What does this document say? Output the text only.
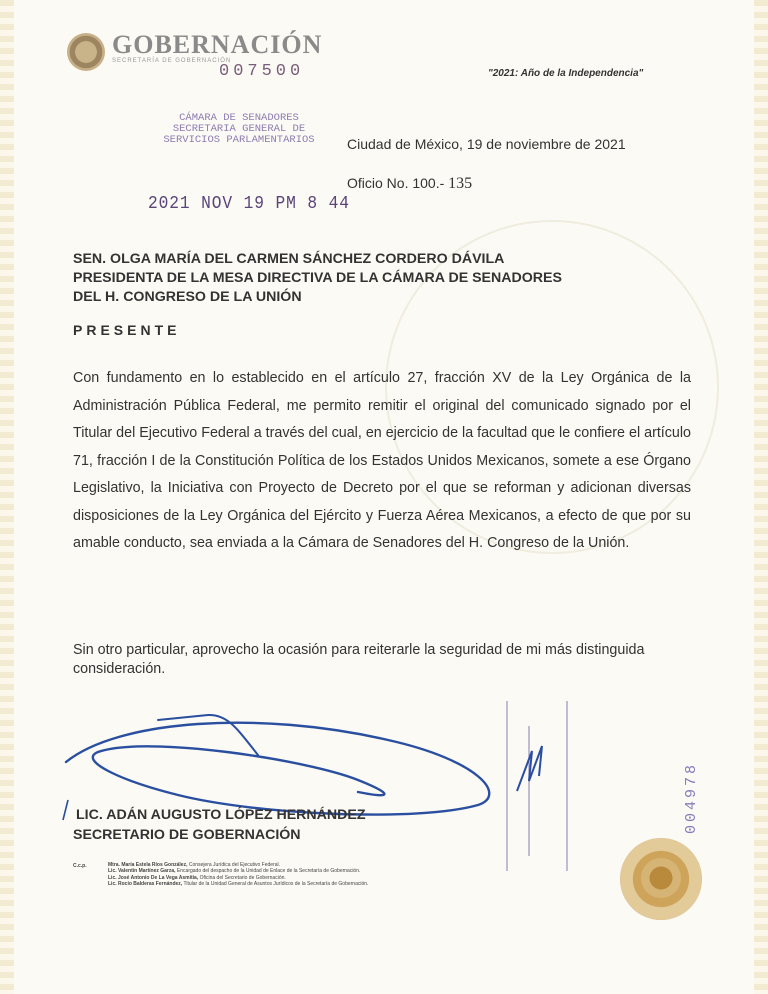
GOBERNACIÓN
SECRETARÍA DE GOBERNACIÓN
007500	"2021: Año de la Independencia"
CÁMARA DE SENADORES
SECRETARIA GENERAL DE
SERVICIOS PARLAMENTARIOS
2021 NOV 19 PM 8 44
Ciudad de México, 19 de noviembre de 2021
Oficio No. 100.- 135
SEN. OLGA MARÍA DEL CARMEN SÁNCHEZ CORDERO DÁVILA
PRESIDENTA DE LA MESA DIRECTIVA DE LA CÁMARA DE SENADORES
DEL H. CONGRESO DE LA UNIÓN
PRESENTE
Con fundamento en lo establecido en el artículo 27, fracción XV de la Ley Orgánica de la Administración Pública Federal, me permito remitir el original del comunicado signado por el Titular del Ejecutivo Federal a través del cual, en ejercicio de la facultad que le confiere el artículo 71, fracción I de la Constitución Política de los Estados Unidos Mexicanos, somete a ese Órgano Legislativo, la Iniciativa con Proyecto de Decreto por el que se reforman y adicionan diversas disposiciones de la Ley Orgánica del Ejército y Fuerza Aérea Mexicanos, a efecto de que por su amable conducto, sea enviada a la Cámara de Senadores del H. Congreso de la Unión.
Sin otro particular, aprovecho la ocasión para reiterarle la seguridad de mi más distinguida consideración.
LIC. ADÁN AUGUSTO LÓPEZ HERNÁNDEZ
SECRETARIO DE GOBERNACIÓN
C.c.p.	Mtra. María Estela Ríos González, Consejera Jurídica del Ejecutivo Federal.
Lic. Valentín Martínez Garza, Encargado del despacho de la Unidad de Enlace de la Secretaría de Gobernación.
Lic. José Antonio De La Vega Asmitia, Oficina del Secretario de Gobernación.
Lic. Rocío Balderas Fernández, Titular de la Unidad General de Asuntos Jurídicos de la Secretaría de Gobernación.
004978
